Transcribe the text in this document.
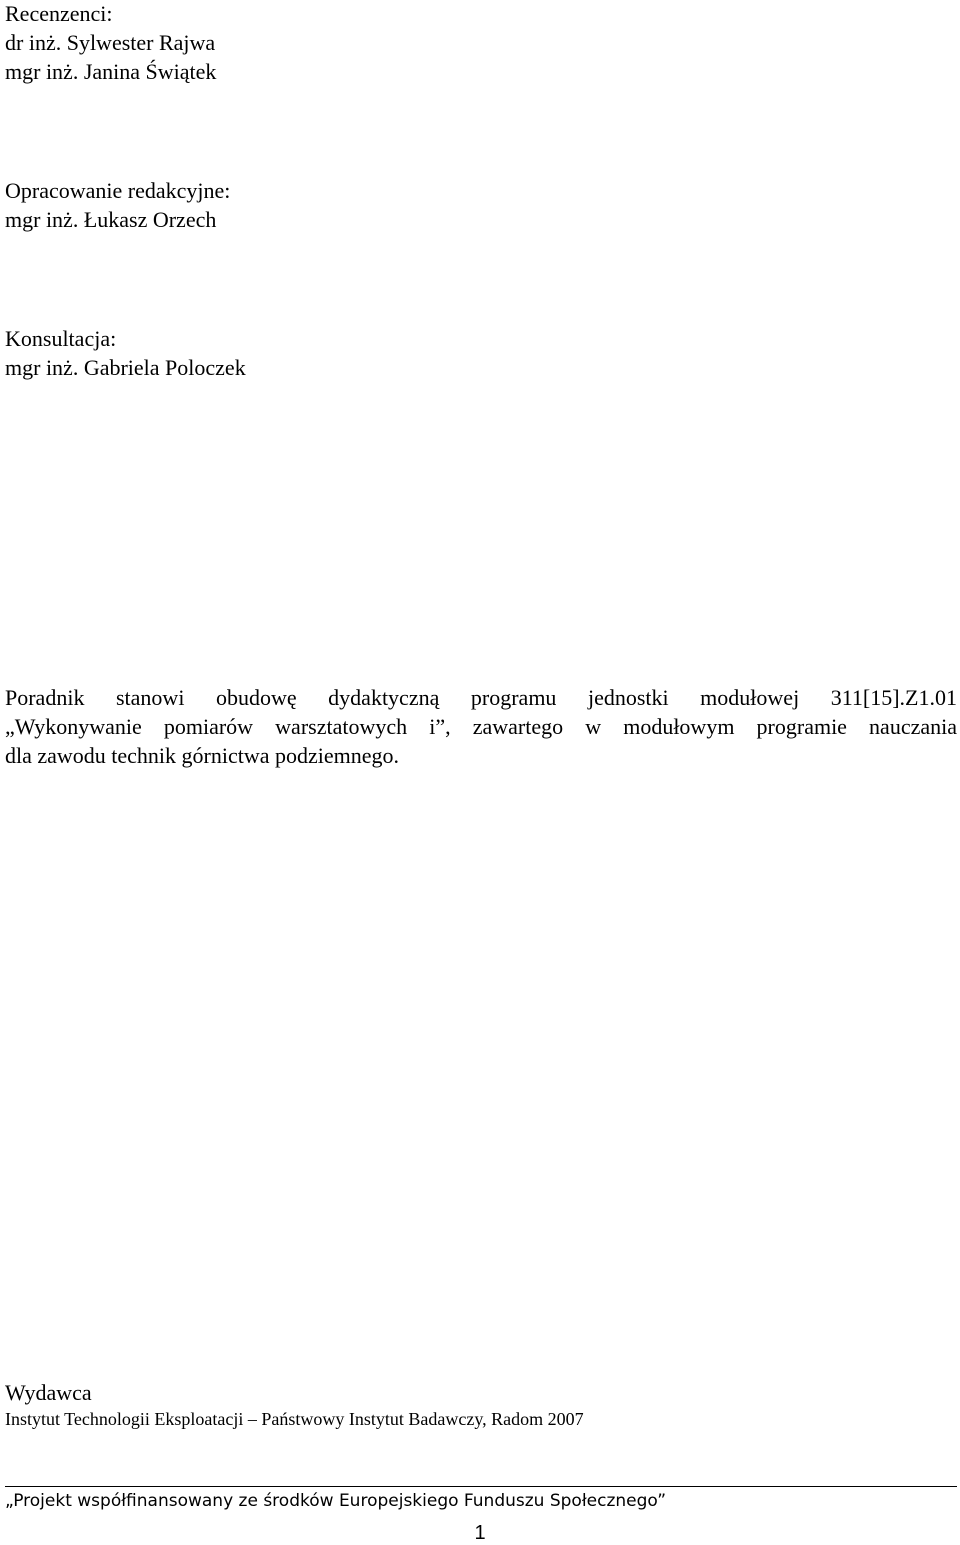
Recenzenci:
dr inż. Sylwester Rajwa
mgr inż. Janina Świątek
Opracowanie redakcyjne:
mgr inż. Łukasz Orzech
Konsultacja:
mgr inż. Gabriela Poloczek
Poradnik stanowi obudowę dydaktyczną programu jednostki modułowej 311[15].Z1.01
„Wykonywanie pomiarów warsztatowych i”, zawartego w modułowym programie nauczania
dla zawodu technik górnictwa podziemnego.
Wydawca
Instytut Technologii Eksploatacji – Państwowy Instytut Badawczy, Radom 2007
„Projekt współfinansowany ze środków Europejskiego Funduszu Społecznego”
1
